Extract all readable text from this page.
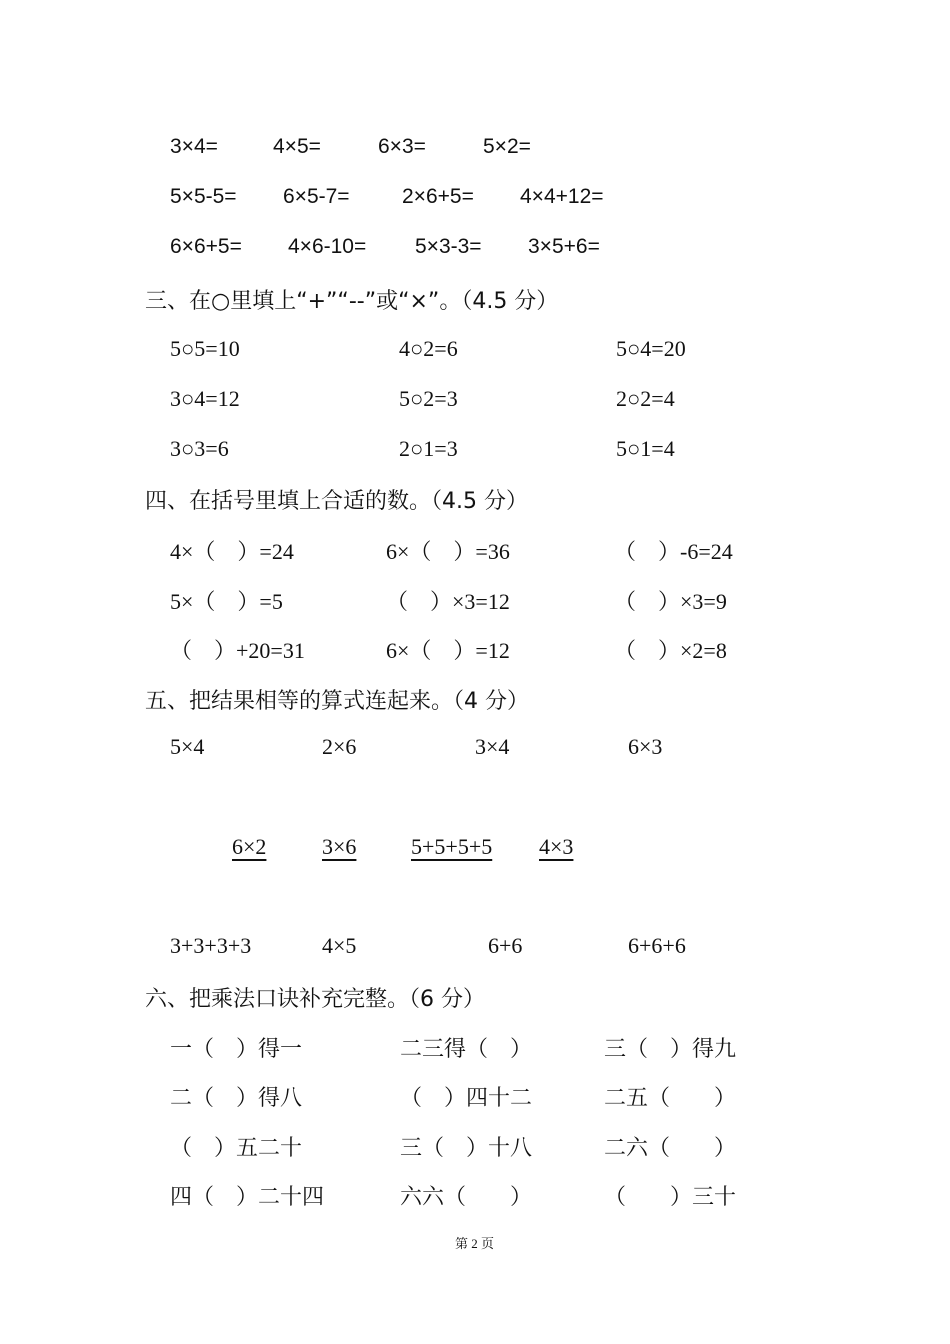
3×4=	4×5=	6×3=	5×2=
5×5-5= 6×5-7= 2×6+5= 4×4+12=
6×6+5= 4×6-10= 5×3-3= 3×5+6=
三、在○里填上“+”“--”或“×”。（4.5 分）
5○5=10	4○2=6	5○4=20
3○4=12	5○2=3	2○2=4
3○3=6	2○1=3	5○1=4
四、在括号里填上合适的数。（4.5 分）
4×（　）=24	6×（　）=36	（　）-6=24
5×（　）=5	（　）×3=12	（　）×3=9
（　）+20=31	6×（　）=12	（　）×2=8
五、把结果相等的算式连起来。（4 分）
5×4	2×6	3×4	6×3
6×2	3×6 5+5+5+5 4×3
3+3+3+3	4×5	6+6	6+6+6
六、把乘法口诀补充完整。（6 分）
一（　）得一	二三得（　）	三（　）得九
二（　）得八	（　）四十二	二五（　　）
（　）五二十	三（　）十八	二六（　　）
四（　）二十四	六六（　　）	（　　）三十
第 2 页
